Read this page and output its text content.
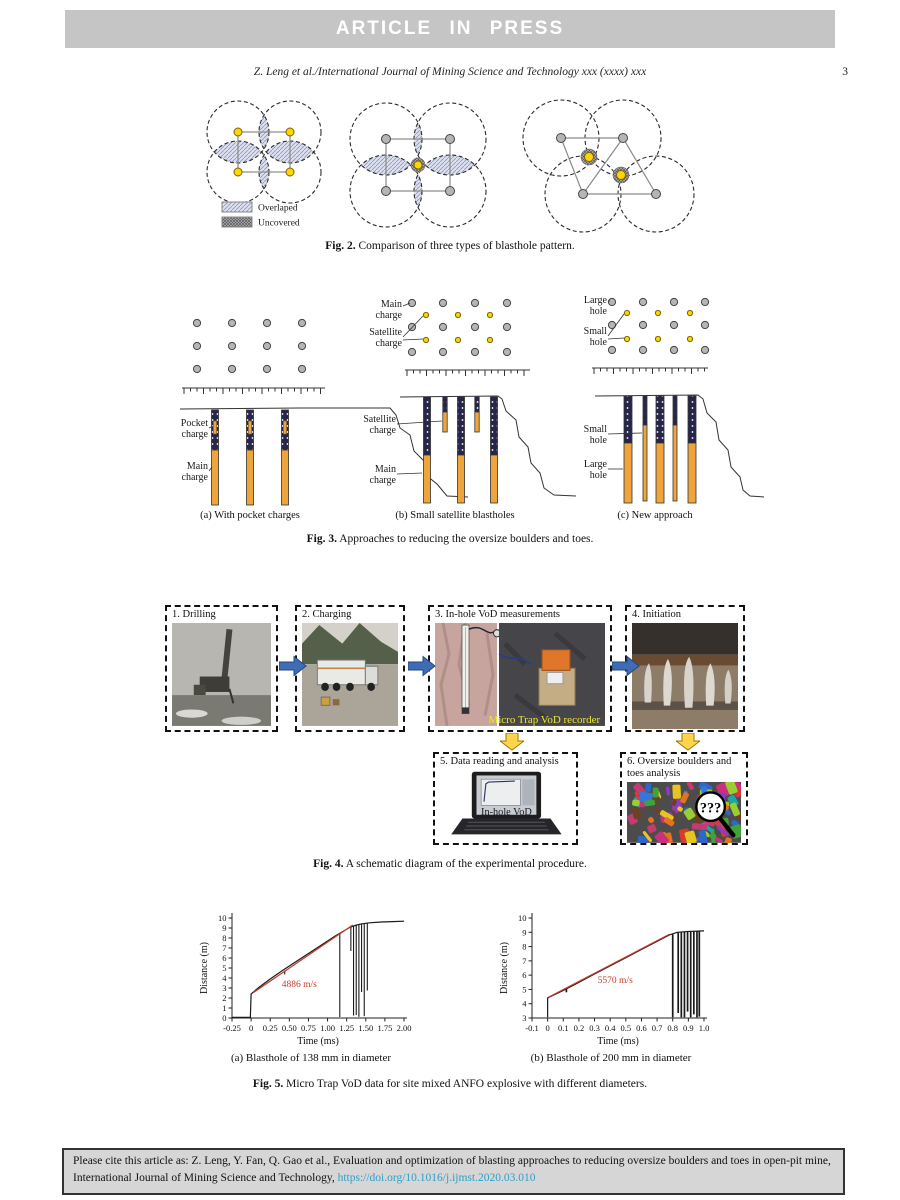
ARTICLE IN PRESS
Z. Leng et al./International Journal of Mining Science and Technology xxx (xxxx) xxx	3
Overlaped
Uncovered
Fig. 2. Comparison of three types of blasthole pattern.
Pocket
charge
Main
charge
Main
charge
Satellite
charge
Satellite
charge
Main
charge
Large
hole
Small
hole
Small
hole
Large
hole
(a) With pocket charges	(b) Small satellite blastholes	(c) New approach
Fig. 3. Approaches to reducing the oversize boulders and toes.
1. Drilling	2. Charging	3. In-hole VoD measurements
Micro Trap VoD recorder
4. Initiation
5. Data reading and analysis
In-hole VoD
6. Oversize boulders and toes analysis
???
Fig. 4. A schematic diagram of the experimental procedure.
-0.25 0 0.25 0.50 0.75 1.00 1.25 1.50 1.75 2.00
0
1
2
3
4
5
6
7
8
9
10
Time (ms)
Distance (m)	4886 m/s
-0.1 0 0.1 0.2 0.3 0.4 0.5 0.6 0.7 0.8 0.9 1.0
3
4
5
6
7
8
9
10
Time (ms)
Distance (m)	5570 m/s
(a) Blasthole of 138 mm in diameter	(b) Blasthole of 200 mm in diameter
Fig. 5. Micro Trap VoD data for site mixed ANFO explosive with different diameters.
Please cite this article as: Z. Leng, Y. Fan, Q. Gao et al., Evaluation and optimization of blasting approaches to reducing oversize boulders and toes in open-pit mine, International Journal of Mining Science and Technology, https://doi.org/10.1016/j.ijmst.2020.03.010
